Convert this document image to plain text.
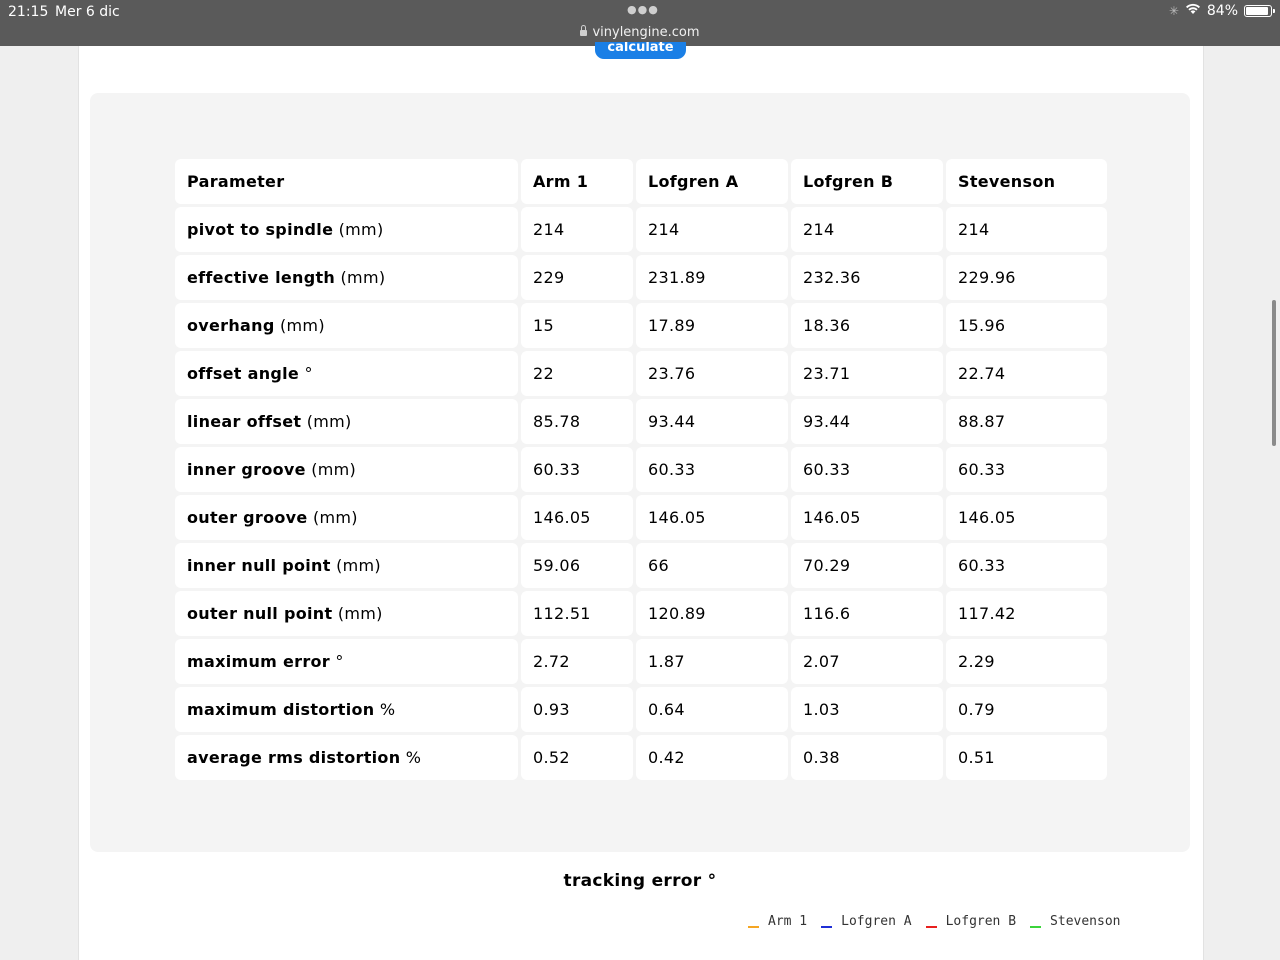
21:15 Mer 6 dic	●●●
vinylengine.com
✳ 84%
calculate
Parameter	Arm 1	Lofgren A	Lofgren B	Stevenson
pivot to spindle (mm)	214	214	214	214
effective length (mm)	229	231.89	232.36	229.96
overhang (mm)	15	17.89	18.36	15.96
offset angle °	22	23.76	23.71	22.74
linear offset (mm)	85.78	93.44	93.44	88.87
inner groove (mm)	60.33	60.33	60.33	60.33
outer groove (mm)	146.05	146.05	146.05	146.05
inner null point (mm)	59.06	66	70.29	60.33
outer null point (mm)	112.51	120.89	116.6	117.42
maximum error °	2.72	1.87	2.07	2.29
maximum distortion %	0.93	0.64	1.03	0.79
average rms distortion %	0.52	0.42	0.38	0.51
tracking error °
Arm 1	Lofgren A	Lofgren B	Stevenson
